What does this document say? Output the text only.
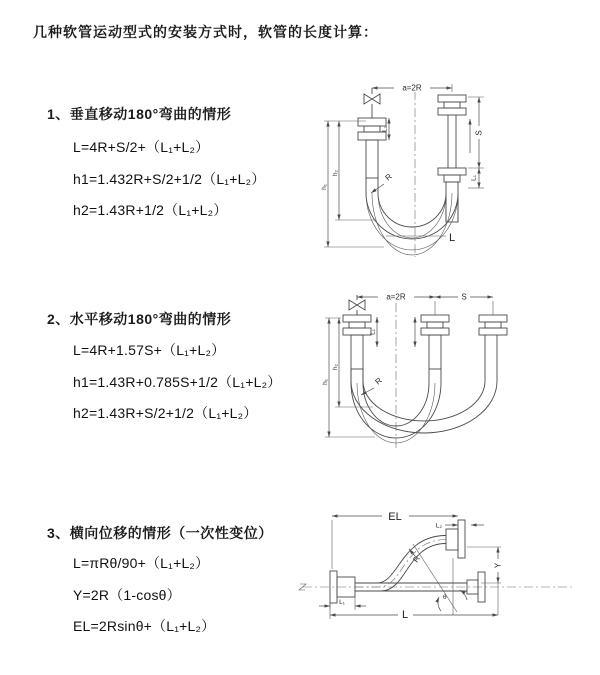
a=2R
S
L₁
h₁
h₂
L₁
R
L
a=2R	S
L₁
h₁
h₂
R
θ
R
EL
L₂
Y
L₁
L
几种软管运动型式的安装方式时，软管的长度计算：
1、垂直移动180°弯曲的情形
L=4R+S/2+（L₁+L₂）
h1=1.432R+S/2+1/2（L₁+L₂）
h2=1.43R+1/2（L₁+L₂）
2、水平移动180°弯曲的情形
L=4R+1.57S+（L₁+L₂）
h1=1.43R+0.785S+1/2（L₁+L₂）
h2=1.43R+S/2+1/2（L₁+L₂）
3、横向位移的情形（一次性变位）
L=πRθ/90+（L₁+L₂）
Y=2R（1-cosθ）
EL=2Rsinθ+（L₁+L₂）
